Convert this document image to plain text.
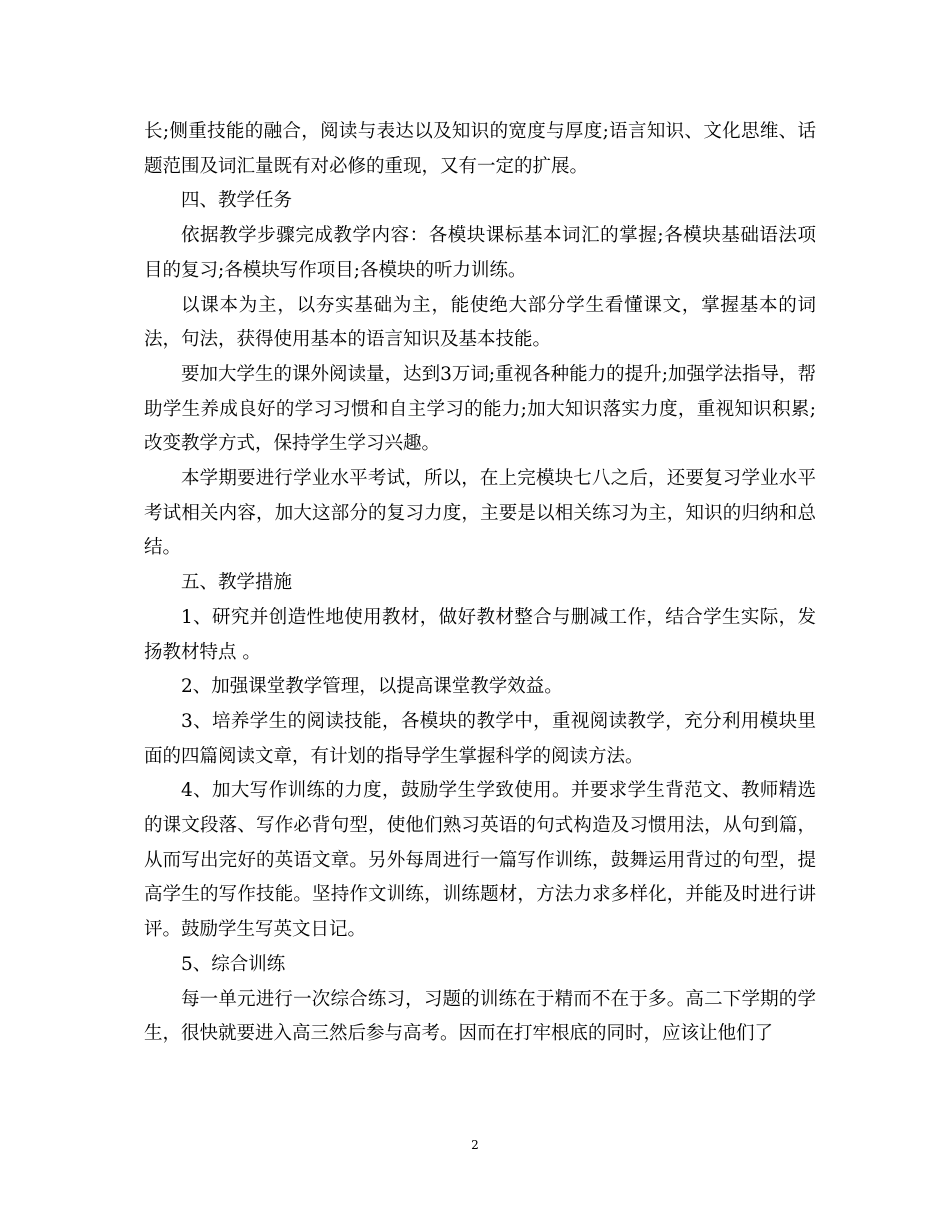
长;侧重技能的融合，阅读与表达以及知识的宽度与厚度;语言知识、文化思维、话题范围及词汇量既有对必修的重现，又有一定的扩展。

四、教学任务

依据教学步骤完成教学内容：各模块课标基本词汇的掌握;各模块基础语法项目的复习;各模块写作项目;各模块的听力训练。

以课本为主，以夯实基础为主，能使绝大部分学生看懂课文，掌握基本的词法，句法，获得使用基本的语言知识及基本技能。

要加大学生的课外阅读量，达到3万词;重视各种能力的提升;加强学法指导，帮助学生养成良好的学习习惯和自主学习的能力;加大知识落实力度，重视知识积累;改变教学方式，保持学生学习兴趣。

本学期要进行学业水平考试，所以，在上完模块七八之后，还要复习学业水平考试相关内容，加大这部分的复习力度，主要是以相关练习为主，知识的归纳和总结。

五、教学措施

1、研究并创造性地使用教材，做好教材整合与删减工作，结合学生实际，发扬教材特点 。

2、加强课堂教学管理，以提高课堂教学效益。

3、培养学生的阅读技能，各模块的教学中，重视阅读教学，充分利用模块里面的四篇阅读文章，有计划的指导学生掌握科学的阅读方法。

4、加大写作训练的力度，鼓励学生学致使用。并要求学生背范文、教师精选的课文段落、写作必背句型，使他们熟习英语的句式构造及习惯用法，从句到篇，从而写出完好的英语文章。另外每周进行一篇写作训练，鼓舞运用背过的句型，提高学生的写作技能。坚持作文训练，训练题材，方法力求多样化，并能及时进行讲评。鼓励学生写英文日记。

5、综合训练

每一单元进行一次综合练习，习题的训练在于精而不在于多。高二下学期的学生，很快就要进入高三然后参与高考。因而在打牢根底的同时，应该让他们了

2
